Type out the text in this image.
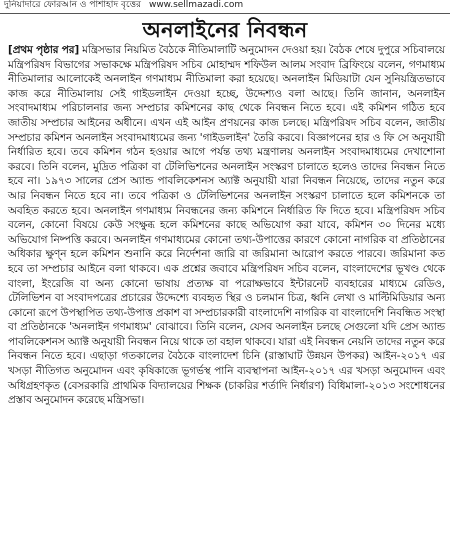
দুনিয়াদারে ফোরআন ও পাশাহাদ বৃত্তের www.sellmazadi.com
অনলাইনের নিবন্ধন

[প্রথম পৃষ্ঠার পর] মন্ত্রিসভার নিয়মিত বৈঠকে নীতিমালাটি অনুমোদন দেওয়া হয়। বৈঠক শেষে দুপুরে সচিবালয়ে মন্ত্রিপরিষদ বিভাগের সভাকক্ষে মন্ত্রিপরিষদ সচিব মোহাম্মদ শফিউল আলম সংবাদ ব্রিফিংয়ে বলেন, গণমাধ্যম নীতিমালার আলোকেই অনলাইন গণমাধ্যম নীতিমালা করা হয়েছে। অনলাইন মিডিয়াটা যেন সুনিয়ন্ত্রিতভাবে কাজ করে নীতিমালায় সেই গাইডলাইন দেওয়া হচ্ছে, উদ্দেশ্যও বলা আছে। তিনি জানান, অনলাইন সংবাদমাধ্যম পরিচালনার জন্য সম্প্রচার কমিশনের কাছ থেকে নিবন্ধন নিতে হবে। এই কমিশন গঠিত হবে জাতীয় সম্প্রচার আইনের অধীনে। এখন এই আইন প্রণয়নের কাজ চলছে। মন্ত্রিপরিষদ সচিব বলেন, জাতীয় সম্প্রচার কমিশন অনলাইন সংবাদমাধ্যমের জন্য 'গাইডলাইন' তৈরি করবে। বিজ্ঞাপনের হার ও ফি সে অনুযায়ী নির্ধারিত হবে। তবে কমিশন গঠন হওয়ার আগে পর্যন্ত তথ্য মন্ত্রণালয় অনলাইন সংবাদমাধ্যমের দেখাশোনা করবে। তিনি বলেন, মুদ্রিত পত্রিকা বা টেলিভিশনের অনলাইন সংস্করণ চালাতে হলেও তাদের নিবন্ধন নিতে হবে না। ১৯৭৩ সালের প্রেস অ্যান্ড পাবলিকেশনস অ্যাক্ট অনুযায়ী যারা নিবন্ধন নিয়েছে, তাদের নতুন করে আর নিবন্ধন নিতে হবে না। তবে পত্রিকা ও টেলিভিশনের অনলাইন সংস্করণ চালাতে হলে কমিশনকে তা অবহিত করতে হবে। অনলাইন গণমাধ্যম নিবন্ধনের জন্য কমিশনে নির্ধারিত ফি দিতে হবে। মন্ত্রিপরিষদ সচিব বলেন, কোনো বিষয়ে কেউ সংক্ষুব্ধ হলে কমিশনের কাছে অভিযোগ করা যাবে, কমিশন ৩০ দিনের মধ্যে অভিযোগ নিষ্পত্তি করবে। অনলাইন গণমাধ্যমের কোনো তথ্য-উপাত্তের কারণে কোনো নাগরিক বা প্রতিষ্ঠানের অধিকার ক্ষুণ্ন হলে কমিশন শুনানি করে নির্দেশনা জারি বা জরিমানা আরোপ করতে পারবে। জরিমানা কত হবে তা সম্প্রচার আইনে বলা থাকবে। এক প্রশ্নের জবাবে মন্ত্রিপরিষদ সচিব বলেন, বাংলাদেশের ভূখণ্ড থেকে বাংলা, ইংরেজি বা অন্য কোনো ভাষায় প্রত্যক্ষ বা পরোক্ষভাবে ইন্টারনেট ব্যবহারের মাধ্যমে রেডিও, টেলিভিশন বা সংবাদপত্রের প্রচারের উদ্দেশ্যে ব্যবহৃত স্থির ও চলমান চিত্র, ধ্বনি লেখা ও মাল্টিমিডিয়ার অন্য কোনো রূপে উপস্থাপিত তথ্য-উপাত্ত প্রকাশ বা সম্প্রচারকারী বাংলাদেশি নাগরিক বা বাংলাদেশি নিবন্ধিত সংস্থা বা প্রতিষ্ঠানকে 'অনলাইন গণমাধ্যম' বোঝাবে। তিনি বলেন, যেসব অনলাইন চলছে সেগুলো যদি প্রেস অ্যান্ড পাবলিকেশনস অ্যাক্ট অনুযায়ী নিবন্ধন নিয়ে থাকে তা বহাল থাকবে। যারা এই নিবন্ধন নেয়নি তাদের নতুন করে নিবন্ধন নিতে হবে। এছাড়া গতকালের বৈঠকে বাংলাদেশ চিনি (রাস্তাঘাট উন্নয়ন উপকর) আইন-২০১৭ এর খসড়া নীতিগত অনুমোদন এবং কৃষিকাজে ভূগর্ভস্থ পানি ব্যবস্থাপনা আইন-২০১৭ এর খসড়া অনুমোদন এবং অধিগ্রহণকৃত (বেসরকারি প্রাথমিক বিদ্যালয়ের শিক্ষক (চাকরির শর্তাদি নির্ধারণ) বিধিমালা-২০১৩ সংশোধনের প্রস্তাব অনুমোদন করেছে মন্ত্রিসভা।
